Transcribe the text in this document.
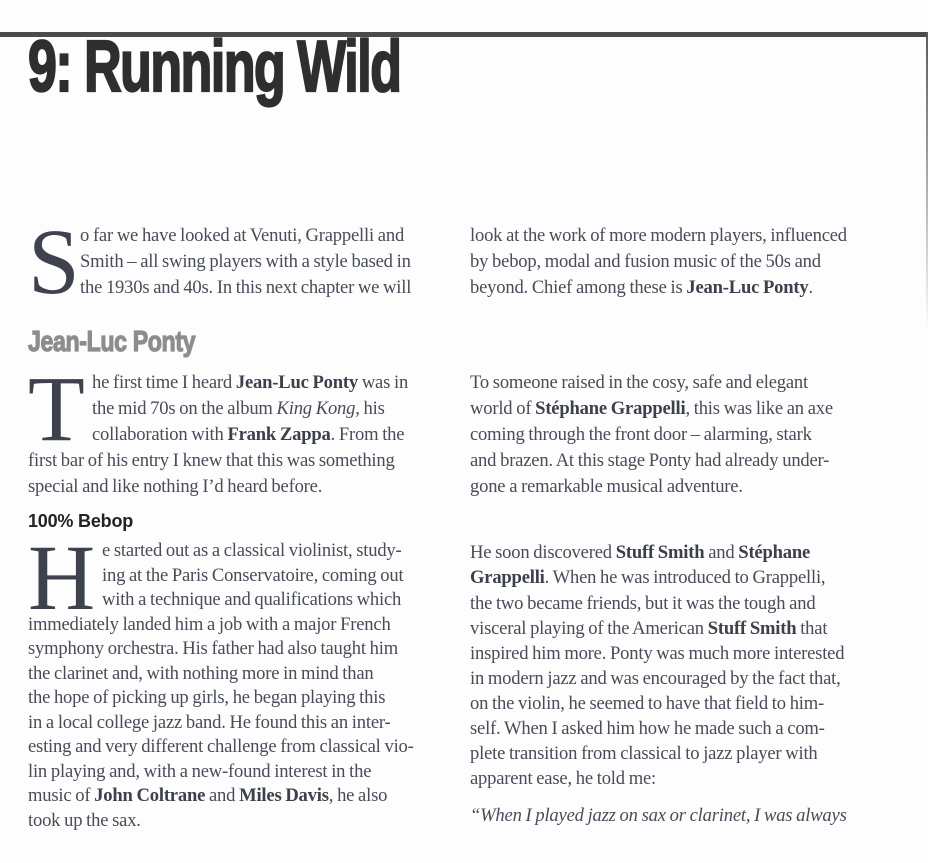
9: Running Wild
S o far we have looked at Venuti, Grappelli and
Smith – all swing players with a style based in
the 1930s and 40s. In this next chapter we will
Jean-Luc Ponty
T he first time I heard Jean-Luc Ponty was in
the mid 70s on the album King Kong, his
collaboration with Frank Zappa. From the
first bar of his entry I knew that this was something
special and like nothing I’d heard before.
100% Bebop
H e started out as a classical violinist, study-
ing at the Paris Conservatoire, coming out
with a technique and qualifications which
immediately landed him a job with a major French
symphony orchestra. His father had also taught him
the clarinet and, with nothing more in mind than
the hope of picking up girls, he began playing this
in a local college jazz band. He found this an inter-
esting and very different challenge from classical vio-
lin playing and, with a new-found interest in the
music of John Coltrane and Miles Davis, he also
took up the sax.
look at the work of more modern players, influenced
by bebop, modal and fusion music of the 50s and
beyond. Chief among these is Jean-Luc Ponty.
To someone raised in the cosy, safe and elegant
world of Stéphane Grappelli, this was like an axe
coming through the front door – alarming, stark
and brazen. At this stage Ponty had already under-
gone a remarkable musical adventure.
He soon discovered Stuff Smith and Stéphane
Grappelli. When he was introduced to Grappelli,
the two became friends, but it was the tough and
visceral playing of the American Stuff Smith that
inspired him more. Ponty was much more interested
in modern jazz and was encouraged by the fact that,
on the violin, he seemed to have that field to him-
self. When I asked him how he made such a com-
plete transition from classical to jazz player with
apparent ease, he told me:
“When I played jazz on sax or clarinet, I was always
